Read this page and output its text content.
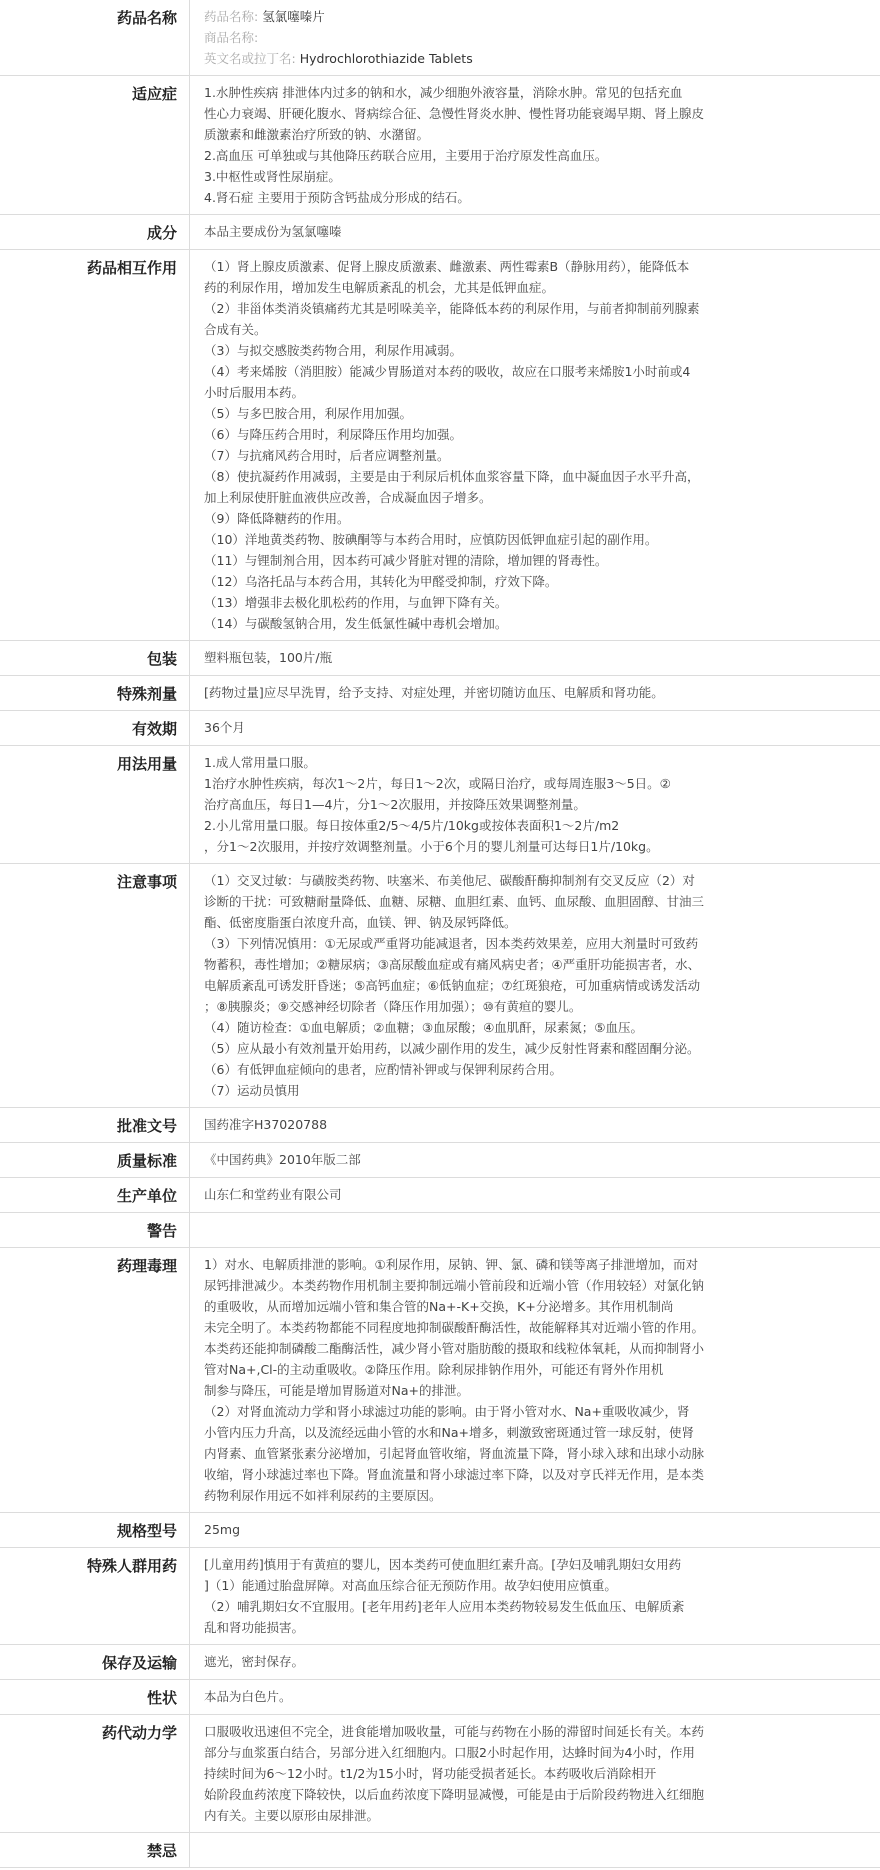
药品名称	药品名称: 氢氯噻嗪片
商品名称:
英文名或拉丁名: Hydrochlorothiazide Tablets
适应症	1.水肿性疾病 排泄体内过多的钠和水，减少细胞外液容量，消除水肿。常见的包括充血
性心力衰竭、肝硬化腹水、肾病综合征、急慢性肾炎水肿、慢性肾功能衰竭早期、肾上腺皮
质激素和雌激素治疗所致的钠、水潴留。
2.高血压 可单独或与其他降压药联合应用，主要用于治疗原发性高血压。
3.中枢性或肾性尿崩症。
4.肾石症 主要用于预防含钙盐成分形成的结石。
成分	本品主要成份为氢氯噻嗪
药品相互作用	（1）肾上腺皮质激素、促肾上腺皮质激素、雌激素、两性霉素B（静脉用药），能降低本
药的利尿作用，增加发生电解质紊乱的机会，尤其是低钾血症。
（2）非甾体类消炎镇痛药尤其是吲哚美辛，能降低本药的利尿作用，与前者抑制前列腺素
合成有关。
（3）与拟交感胺类药物合用，利尿作用减弱。
（4）考来烯胺（消胆胺）能减少胃肠道对本药的吸收，故应在口服考来烯胺1小时前或4
小时后服用本药。
（5）与多巴胺合用，利尿作用加强。
（6）与降压药合用时，利尿降压作用均加强。
（7）与抗痛风药合用时，后者应调整剂量。
（8）使抗凝药作用减弱，主要是由于利尿后机体血浆容量下降，血中凝血因子水平升高，
加上利尿使肝脏血液供应改善，合成凝血因子增多。
（9）降低降糖药的作用。
（10）洋地黄类药物、胺碘酮等与本药合用时，应慎防因低钾血症引起的副作用。
（11）与锂制剂合用，因本药可减少肾脏对锂的清除，增加锂的肾毒性。
（12）乌洛托品与本药合用，其转化为甲醛受抑制，疗效下降。
（13）增强非去极化肌松药的作用，与血钾下降有关。
（14）与碳酸氢钠合用，发生低氯性碱中毒机会增加。
包装	塑料瓶包装，100片/瓶
特殊剂量	[药物过量]应尽早洗胃，给予支持、对症处理，并密切随访血压、电解质和肾功能。
有效期	36个月
用法用量	1.成人常用量口服。
1治疗水肿性疾病，每次1～2片，每日1～2次，或隔日治疗，或每周连服3～5日。②
治疗高血压，每日1—4片，分1～2次服用，并按降压效果调整剂量。
2.小儿常用量口服。每日按体重2/5～4/5片/10kg或按体表面积1～2片/m2
，分1～2次服用，并按疗效调整剂量。小于6个月的婴儿剂量可达每日1片/10kg。
注意事项	（1）交叉过敏：与磺胺类药物、呋塞米、布美他尼、碳酸酐酶抑制剂有交叉反应（2）对
诊断的干扰：可致糖耐量降低、血糖、尿糖、血胆红素、血钙、血尿酸、血胆固醇、甘油三
酯、低密度脂蛋白浓度升高，血镁、钾、钠及尿钙降低。
（3）下列情况慎用：①无尿或严重肾功能减退者，因本类药效果差，应用大剂量时可致药
物蓄积，毒性增加；②糖尿病；③高尿酸血症或有痛风病史者；④严重肝功能损害者，水、
电解质紊乱可诱发肝昏迷；⑤高钙血症；⑥低钠血症；⑦红斑狼疮，可加重病情或诱发活动
；⑧胰腺炎；⑨交感神经切除者（降压作用加强）；⑩有黄疸的婴儿。
（4）随访检查：①血电解质；②血糖；③血尿酸；④血肌酐，尿素氮；⑤血压。
（5）应从最小有效剂量开始用药，以减少副作用的发生，减少反射性肾素和醛固酮分泌。
（6）有低钾血症倾向的患者，应酌情补钾或与保钾利尿药合用。
（7）运动员慎用
批准文号	国药准字H37020788
质量标准	《中国药典》2010年版二部
生产单位	山东仁和堂药业有限公司
警告
药理毒理	1）对水、电解质排泄的影响。①利尿作用，尿钠、钾、氯、磷和镁等离子排泄增加，而对
尿钙排泄减少。本类药物作用机制主要抑制远端小管前段和近端小管（作用较轻）对氯化钠
的重吸收，从而增加远端小管和集合管的Na+-K+交换，K+分泌增多。其作用机制尚
未完全明了。本类药物都能不同程度地抑制碳酸酐酶活性，故能解释其对近端小管的作用。
本类药还能抑制磷酸二酯酶活性，减少肾小管对脂肪酸的摄取和线粒体氧耗，从而抑制肾小
管对Na+,Cl-的主动重吸收。②降压作用。除利尿排钠作用外，可能还有肾外作用机
制参与降压，可能是增加胃肠道对Na+的排泄。
（2）对肾血流动力学和肾小球滤过功能的影响。由于肾小管对水、Na+重吸收减少，肾
小管内压力升高，以及流经远曲小管的水和Na+增多，刺激致密斑通过管一球反射，使肾
内肾素、血管紧张素分泌增加，引起肾血管收缩，肾血流量下降，肾小球入球和出球小动脉
收缩，肾小球滤过率也下降。肾血流量和肾小球滤过率下降，以及对亨氏袢无作用，是本类
药物利尿作用远不如袢利尿药的主要原因。
规格型号	25mg
特殊人群用药	[儿童用药]慎用于有黄疸的婴儿，因本类药可使血胆红素升高。[孕妇及哺乳期妇女用药
]（1）能通过胎盘屏障。对高血压综合征无预防作用。故孕妇使用应慎重。
（2）哺乳期妇女不宜服用。[老年用药]老年人应用本类药物较易发生低血压、电解质紊
乱和肾功能损害。
保存及运输	遮光，密封保存。
性状	本品为白色片。
药代动力学	口服吸收迅速但不完全，进食能增加吸收量，可能与药物在小肠的滞留时间延长有关。本药
部分与血浆蛋白结合，另部分进入红细胞内。口服2小时起作用，达蜂时间为4小时，作用
持续时间为6～12小时。t1/2为15小时，肾功能受损者延长。本药吸收后消除相开
始阶段血药浓度下降较快，以后血药浓度下降明显减慢，可能是由于后阶段药物进入红细胞
内有关。主要以原形由尿排泄。
禁忌
